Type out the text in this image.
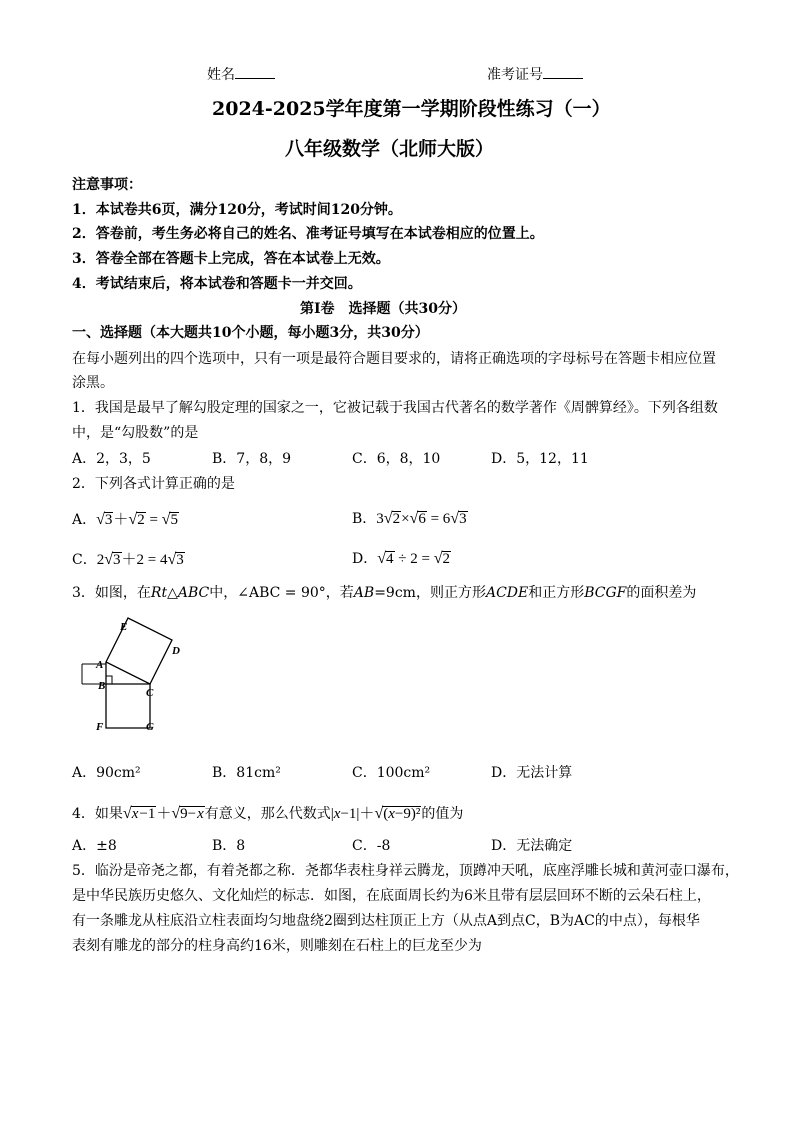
姓名	准考证号
2024-2025学年度第一学期阶段性练习（一）
八年级数学（北师大版）
注意事项：
1．本试卷共6页，满分120分，考试时间120分钟。
2．答卷前，考生务必将自己的姓名、准考证号填写在本试卷相应的位置上。
3．答卷全部在答题卡上完成，答在本试卷上无效。
4．考试结束后，将本试卷和答题卡一并交回。
第Ⅰ卷　选择题（共30分）
一、选择题（本大题共10个小题，每小题3分，共30分）
在每小题列出的四个选项中，只有一项是最符合题目要求的，请将正确选项的字母标号在答题卡相应位置
涂黑。
1．我国是最早了解勾股定理的国家之一，它被记载于我国古代著名的数学著作《周髀算经》。下列各组数
中，是“勾股数”的是
A．2，3，5	B．7，8，9	C．6，8，10	D．5，12，11
2．下列各式计算正确的是
A．√3＋√2 = √5	B．3√2×√6 = 6√3
C．2√3＋2 = 4√3	D．√4 ÷ 2 = √2
3．如图，在Rt△ABC中，∠ABC = 90°，若AB=9cm，则正方形ACDE和正方形BCGF的面积差为
E
D
A
B
C
F	G
A．90cm²	B．81cm²	C．100cm²	D．无法计算
4．如果√x−1＋√9−x有意义，那么代数式|x−1|＋√(x−9)²的值为
A．±8	B．8	C．-8	D．无法确定
5．临汾是帝尧之都，有着尧都之称．尧都华表柱身祥云腾龙，顶蹲冲天吼，底座浮雕长城和黄河壶口瀑布，
是中华民族历史悠久、文化灿烂的标志．如图，在底面周长约为6米且带有层层回环不断的云朵石柱上，
有一条雕龙从柱底沿立柱表面均匀地盘绕2圈到达柱顶正上方（从点A到点C，B为AC的中点），每根华
表刻有雕龙的部分的柱身高约16米，则雕刻在石柱上的巨龙至少为
